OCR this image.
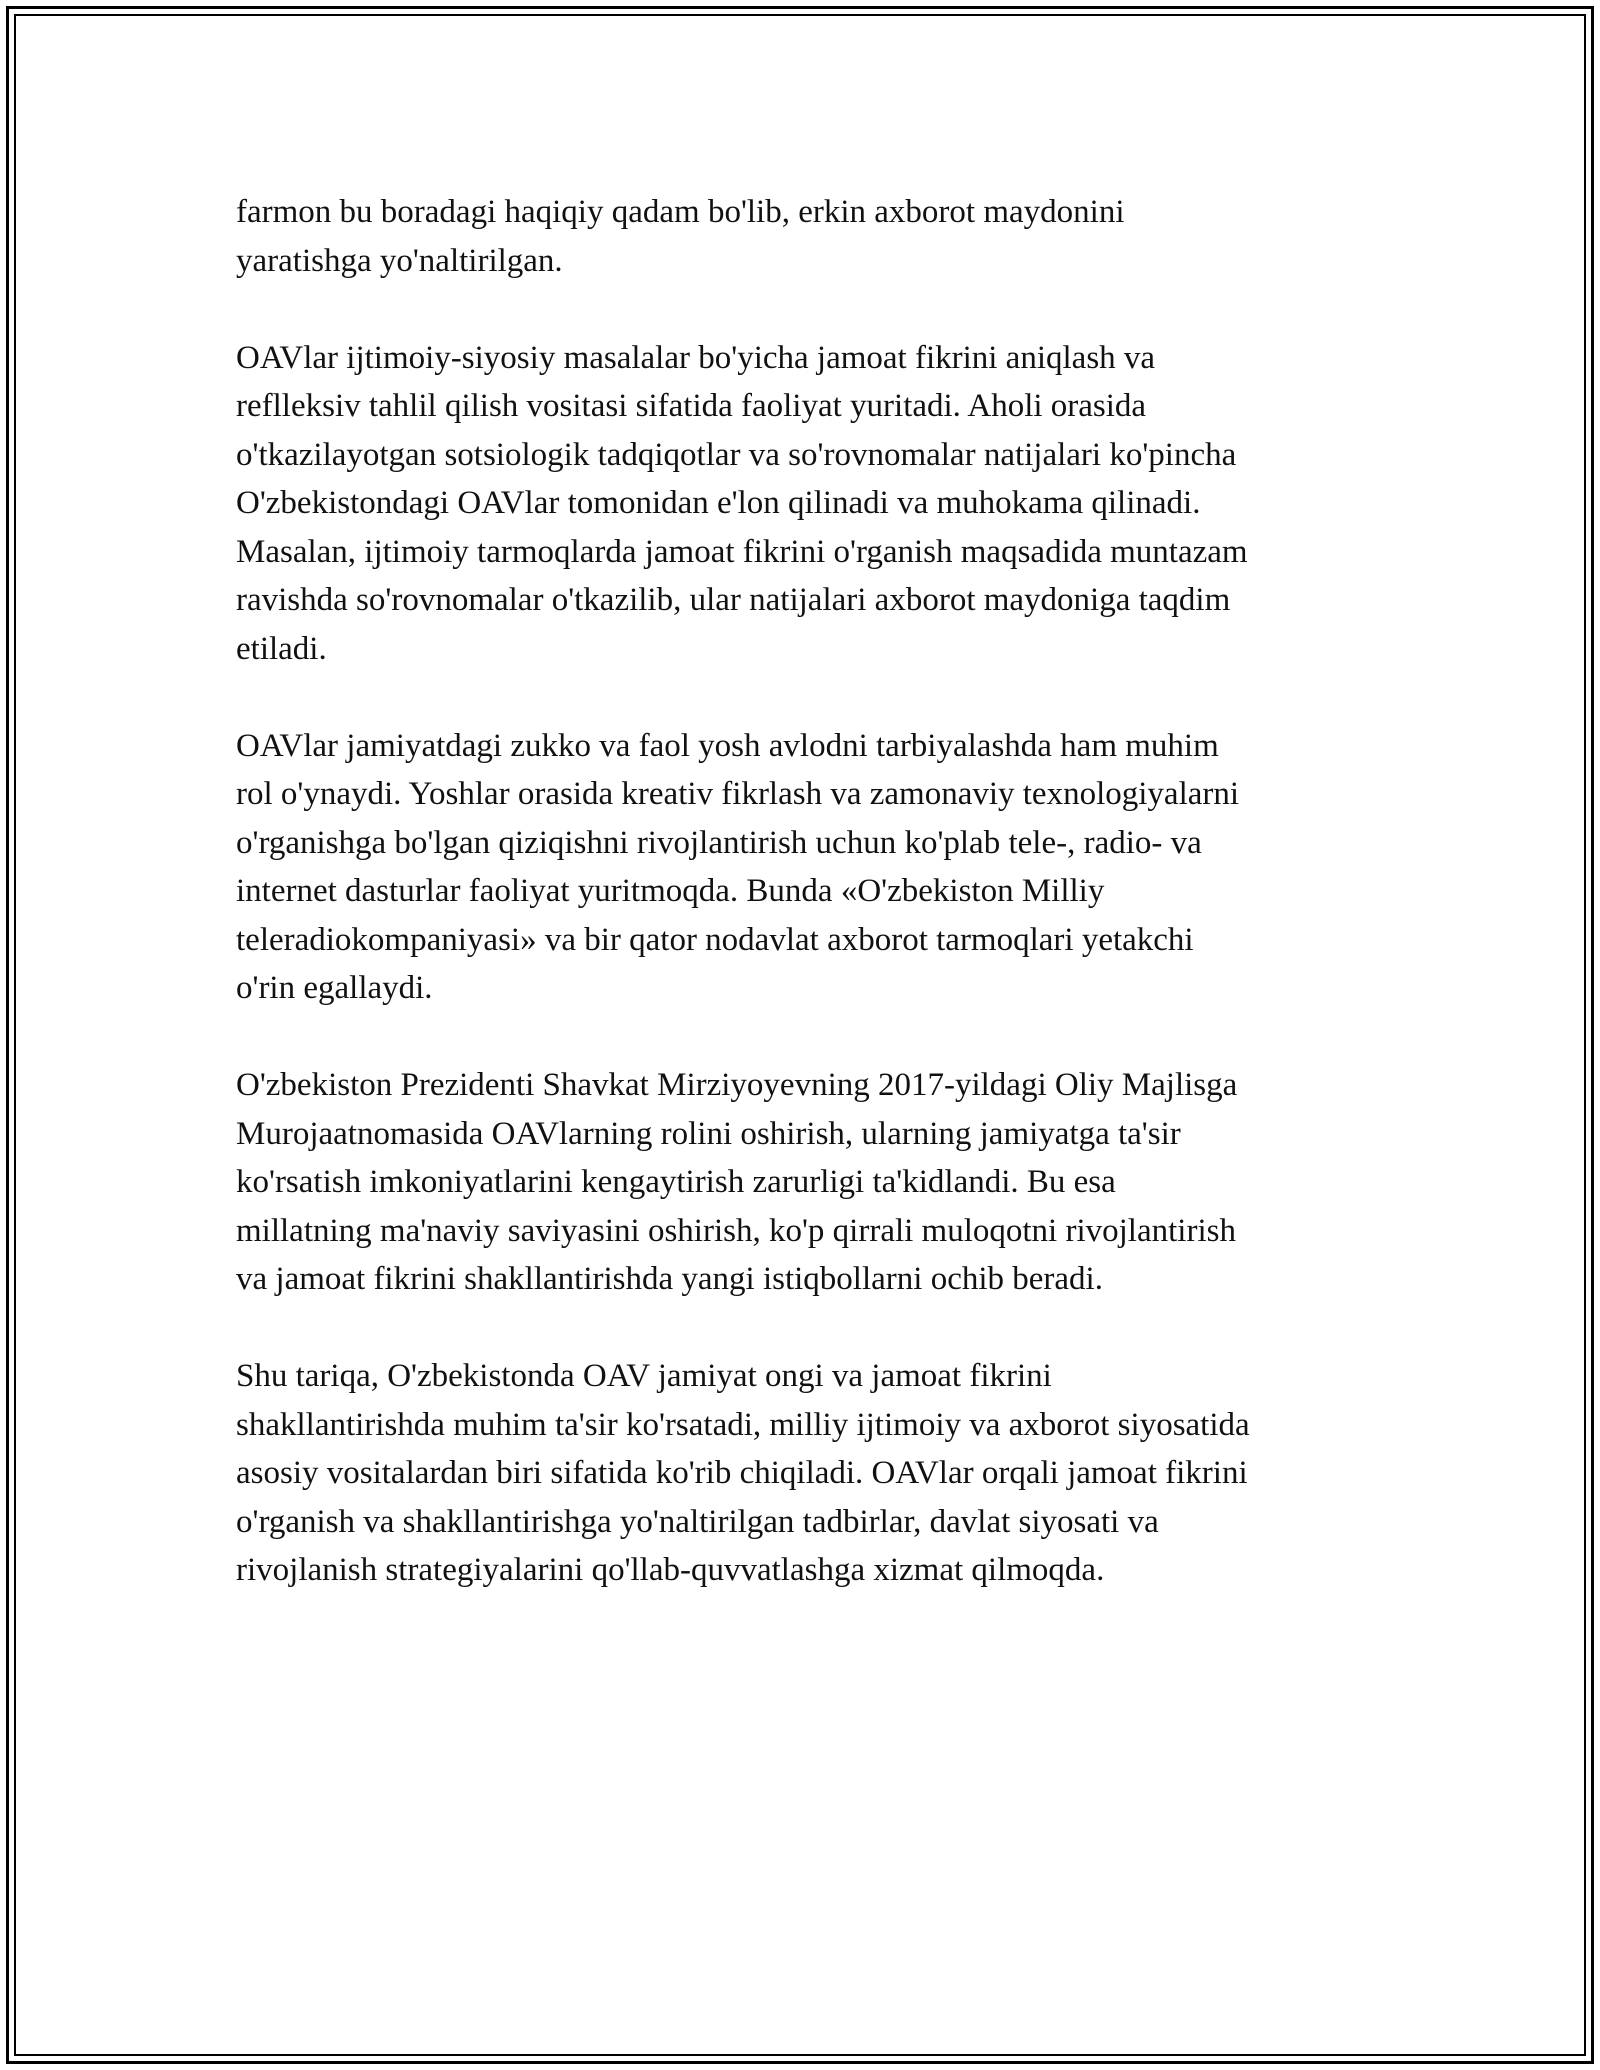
farmon bu boradagi haqiqiy qadam bo'lib, erkin axborot maydonini
yaratishga yo'naltirilgan.

OAVlar ijtimoiy-siyosiy masalalar bo'yicha jamoat fikrini aniqlash va
reflleksiv tahlil qilish vositasi sifatida faoliyat yuritadi. Aholi orasida
o'tkazilayotgan sotsiologik tadqiqotlar va so'rovnomalar natijalari ko'pincha
O'zbekistondagi OAVlar tomonidan e'lon qilinadi va muhokama qilinadi.
Masalan, ijtimoiy tarmoqlarda jamoat fikrini o'rganish maqsadida muntazam
ravishda so'rovnomalar o'tkazilib, ular natijalari axborot maydoniga taqdim
etiladi.

OAVlar jamiyatdagi zukko va faol yosh avlodni tarbiyalashda ham muhim
rol o'ynaydi. Yoshlar orasida kreativ fikrlash va zamonaviy texnologiyalarni
o'rganishga bo'lgan qiziqishni rivojlantirish uchun ko'plab tele-, radio- va
internet dasturlar faoliyat yuritmoqda. Bunda «O'zbekiston Milliy
teleradiokompaniyasi» va bir qator nodavlat axborot tarmoqlari yetakchi
o'rin egallaydi.

O'zbekiston Prezidenti Shavkat Mirziyoyevning 2017-yildagi Oliy Majlisga
Murojaatnomasida OAVlarning rolini oshirish, ularning jamiyatga ta'sir
ko'rsatish imkoniyatlarini kengaytirish zarurligi ta'kidlandi. Bu esa
millatning ma'naviy saviyasini oshirish, ko'p qirrali muloqotni rivojlantirish
va jamoat fikrini shakllantirishda yangi istiqbollarni ochib beradi.

Shu tariqa, O'zbekistonda OAV jamiyat ongi va jamoat fikrini
shakllantirishda muhim ta'sir ko'rsatadi, milliy ijtimoiy va axborot siyosatida
asosiy vositalardan biri sifatida ko'rib chiqiladi. OAVlar orqali jamoat fikrini
o'rganish va shakllantirishga yo'naltirilgan tadbirlar, davlat siyosati va
rivojlanish strategiyalarini qo'llab-quvvatlashga xizmat qilmoqda.
